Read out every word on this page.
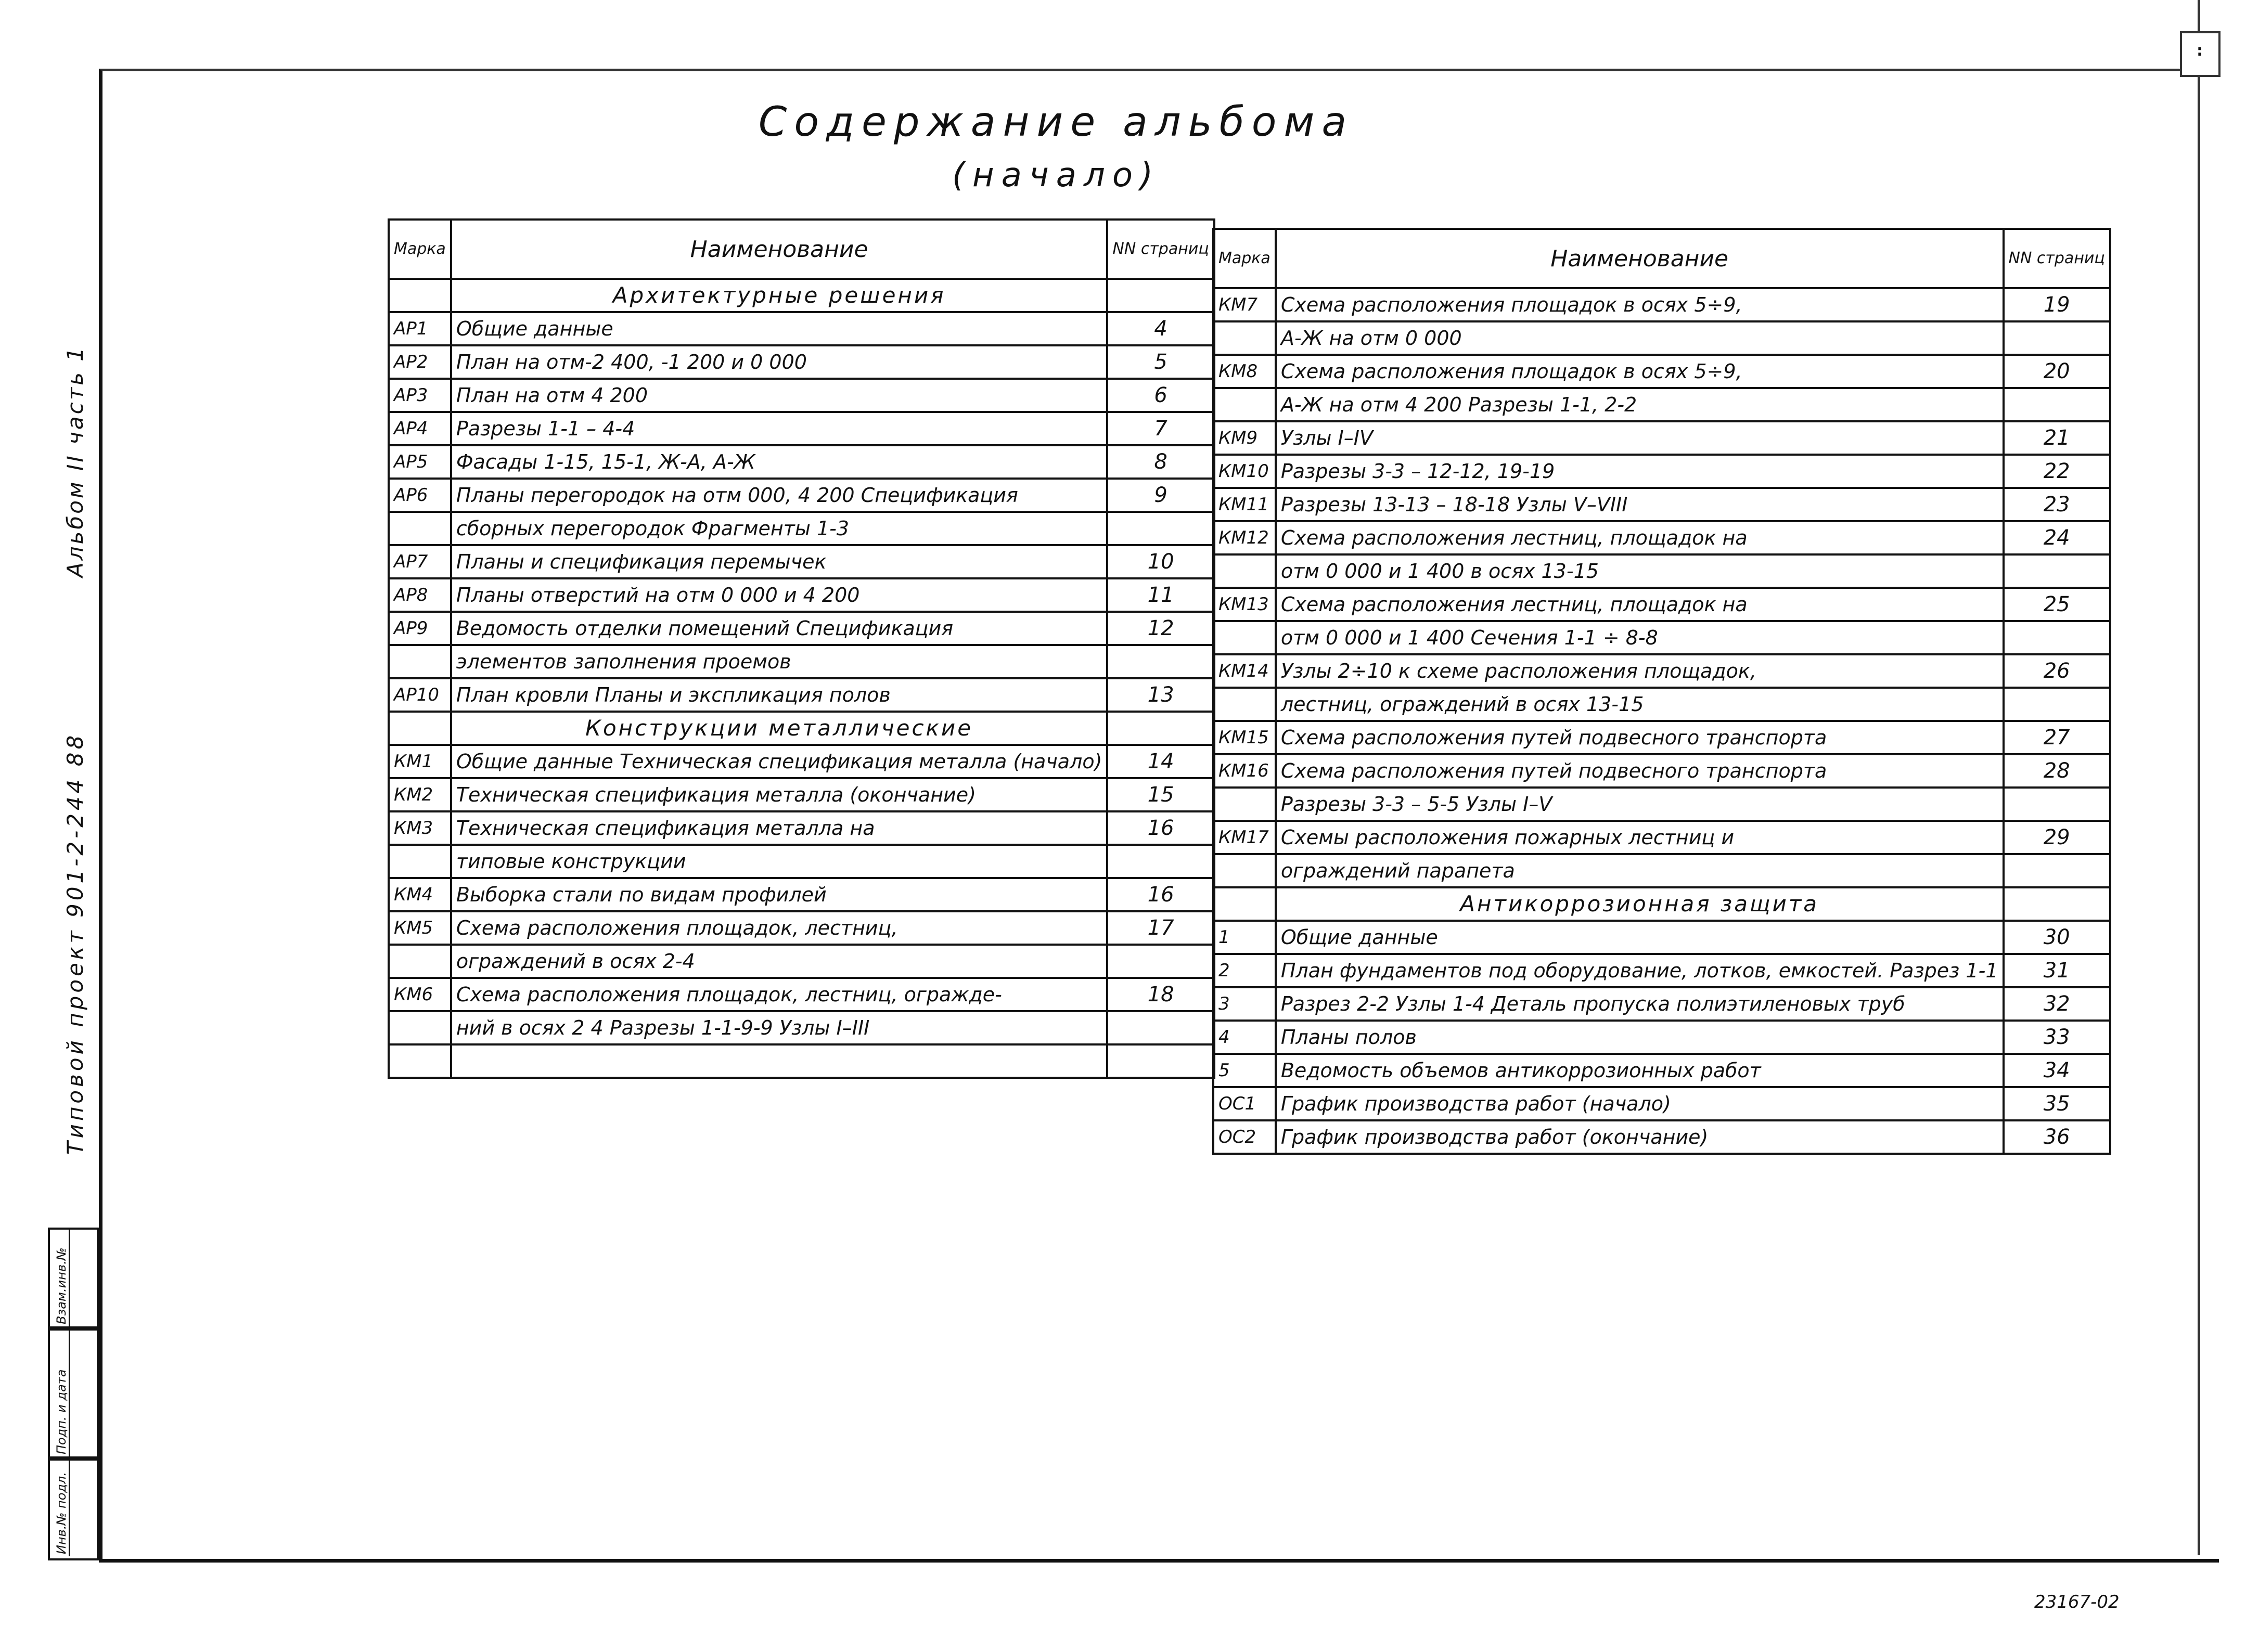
:
Содержание альбома
(начало)
Альбом II часть 1
Типовой проект 901-2-244 88
Взам.инв.№
Подп. и дата
Инв.№ подл.
Марка	Наименование	NN страниц
	Архитектурные решения	
АР1	Общие данные	4
АР2	План на отм-2 400, -1 200 и 0 000	5
АР3	План на отм 4 200	6
АР4	Разрезы 1-1 – 4-4	7
АР5	Фасады 1-15, 15-1, Ж-А, А-Ж	8
АР6	Планы перегородок на отм 000, 4 200 Спецификация	9
	сборных перегородок Фрагменты 1-3	
АР7	Планы и спецификация перемычек	10
АР8	Планы отверстий на отм 0 000 и 4 200	11
АР9	Ведомость отделки помещений Спецификация	12
	элементов заполнения проемов	
АР10	План кровли Планы и экспликация полов	13
	Конструкции металлические	
КМ1	Общие данные Техническая спецификация металла (начало)	14
КМ2	Техническая спецификация металла (окончание)	15
КМ3	Техническая спецификация металла на	16
	типовые конструкции	
КМ4	Выборка стали по видам профилей	16
КМ5	Схема расположения площадок, лестниц,	17
	ограждений в осях 2-4	
КМ6	Схема расположения площадок, лестниц, огражде-	18
	ний в осях 2 4 Разрезы 1-1-9-9 Узлы I–III	

Марка	Наименование	NN страниц
КМ7	Схема расположения площадок в осях 5÷9,	19
	А-Ж на отм 0 000	
КМ8	Схема расположения площадок в осях 5÷9,	20
	А-Ж на отм 4 200 Разрезы 1-1, 2-2	
КМ9	Узлы I–IV	21
КМ10	Разрезы 3-3 – 12-12, 19-19	22
КМ11	Разрезы 13-13 – 18-18 Узлы V–VIII	23
КМ12	Схема расположения лестниц, площадок на	24
	отм 0 000 и 1 400 в осях 13-15	
КМ13	Схема расположения лестниц, площадок на	25
	отм 0 000 и 1 400 Сечения 1-1 ÷ 8-8	
КМ14	Узлы 2÷10 к схеме расположения площадок,	26
	лестниц, ограждений в осях 13-15	
КМ15	Схема расположения путей подвесного транспорта	27
КМ16	Схема расположения путей подвесного транспорта	28
	Разрезы 3-3 – 5-5 Узлы I–V	
КМ17	Схемы расположения пожарных лестниц и	29
	ограждений парапета	
	Антикоррозионная защита	
1	Общие данные	30
2	План фундаментов под оборудование, лотков, емкостей. Разрез 1-1	31
3	Разрез 2-2 Узлы 1-4 Деталь пропуска полиэтиленовых труб	32
4	Планы полов	33
5	Ведомость объемов антикоррозионных работ	34
ОС1	График производства работ (начало)	35
ОС2	График производства работ (окончание)	36
23167-02
